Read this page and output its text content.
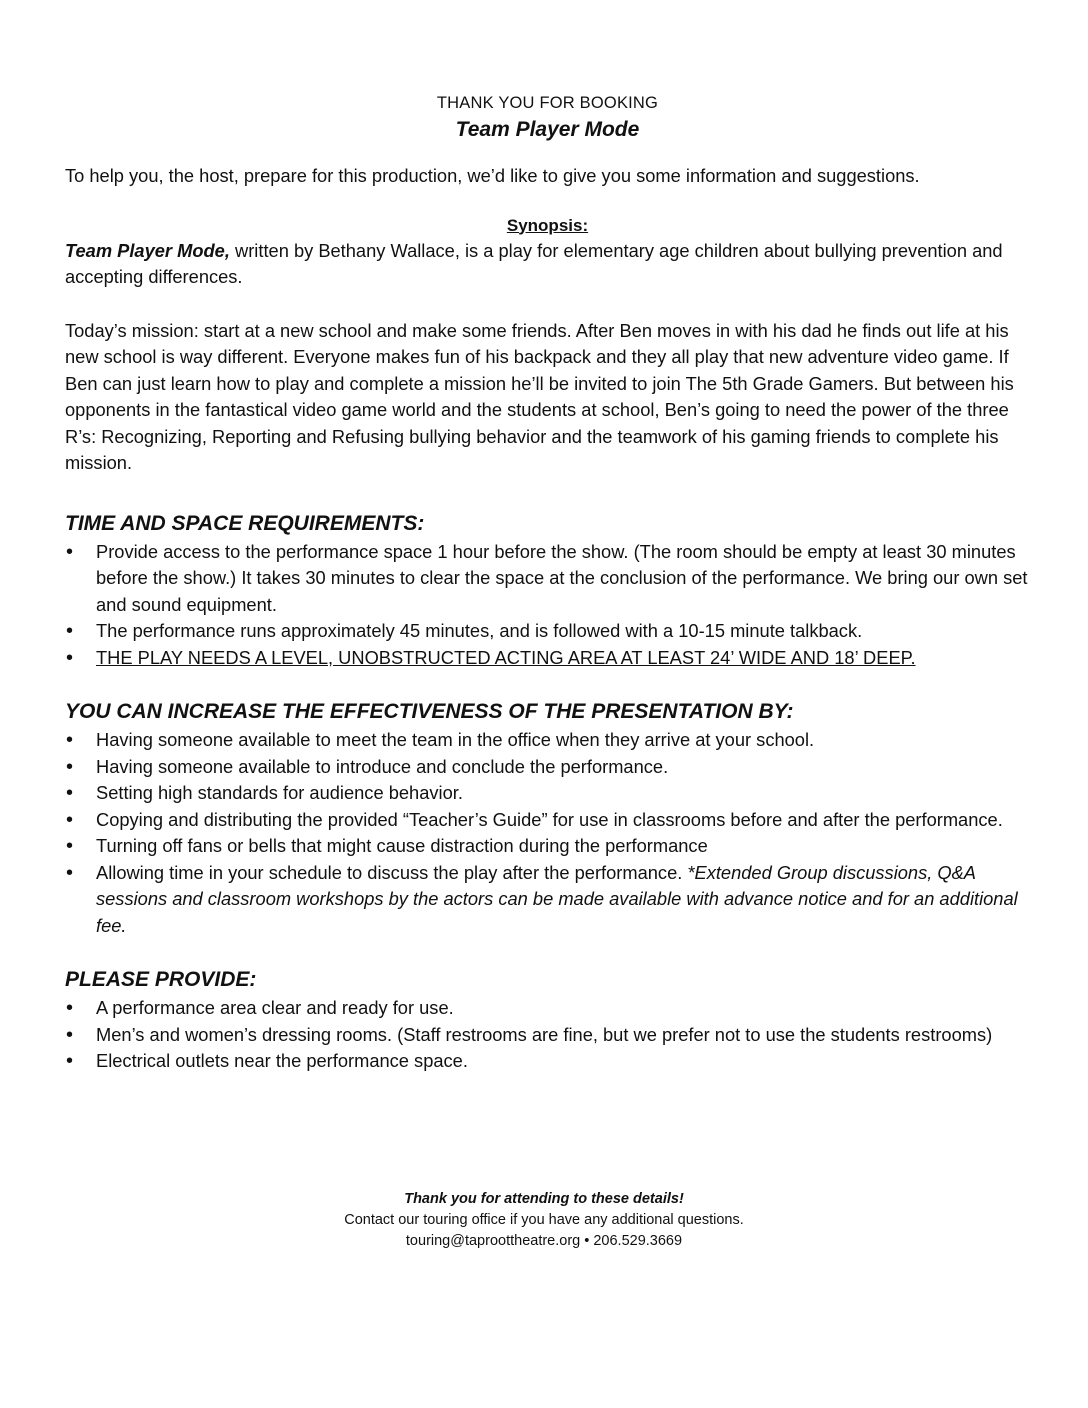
THANK YOU FOR BOOKING
Team Player Mode
To help you, the host, prepare for this production, we’d like to give you some information and suggestions.
Synopsis:
Team Player Mode, written by Bethany Wallace, is a play for elementary age children about bullying prevention and accepting differences.
Today’s mission: start at a new school and make some friends. After Ben moves in with his dad he finds out life at his new school is way different. Everyone makes fun of his backpack and they all play that new adventure video game. If Ben can just learn how to play and complete a mission he’ll be invited to join The 5th Grade Gamers. But between his opponents in the fantastical video game world and the students at school, Ben’s going to need the power of the three R’s: Recognizing, Reporting and Refusing bullying behavior and the teamwork of his gaming friends to complete his mission.
TIME AND SPACE REQUIREMENTS:
• Provide access to the performance space 1 hour before the show. (The room should be empty at least 30 minutes before the show.) It takes 30 minutes to clear the space at the conclusion of the performance. We bring our own set and sound equipment.
• The performance runs approximately 45 minutes, and is followed with a 10-15 minute talkback.
• THE PLAY NEEDS A LEVEL, UNOBSTRUCTED ACTING AREA AT LEAST 24’ WIDE AND 18’ DEEP.
YOU CAN INCREASE THE EFFECTIVENESS OF THE PRESENTATION BY:
• Having someone available to meet the team in the office when they arrive at your school.
• Having someone available to introduce and conclude the performance.
• Setting high standards for audience behavior.
• Copying and distributing the provided “Teacher’s Guide” for use in classrooms before and after the performance.
• Turning off fans or bells that might cause distraction during the performance
• Allowing time in your schedule to discuss the play after the performance. *Extended Group discussions, Q&A sessions and classroom workshops by the actors can be made available with advance notice and for an additional fee.
PLEASE PROVIDE:
• A performance area clear and ready for use.
• Men’s and women’s dressing rooms. (Staff restrooms are fine, but we prefer not to use the students restrooms)
• Electrical outlets near the performance space.
Thank you for attending to these details!
Contact our touring office if you have any additional questions.
touring@taproottheatre.org • 206.529.3669
